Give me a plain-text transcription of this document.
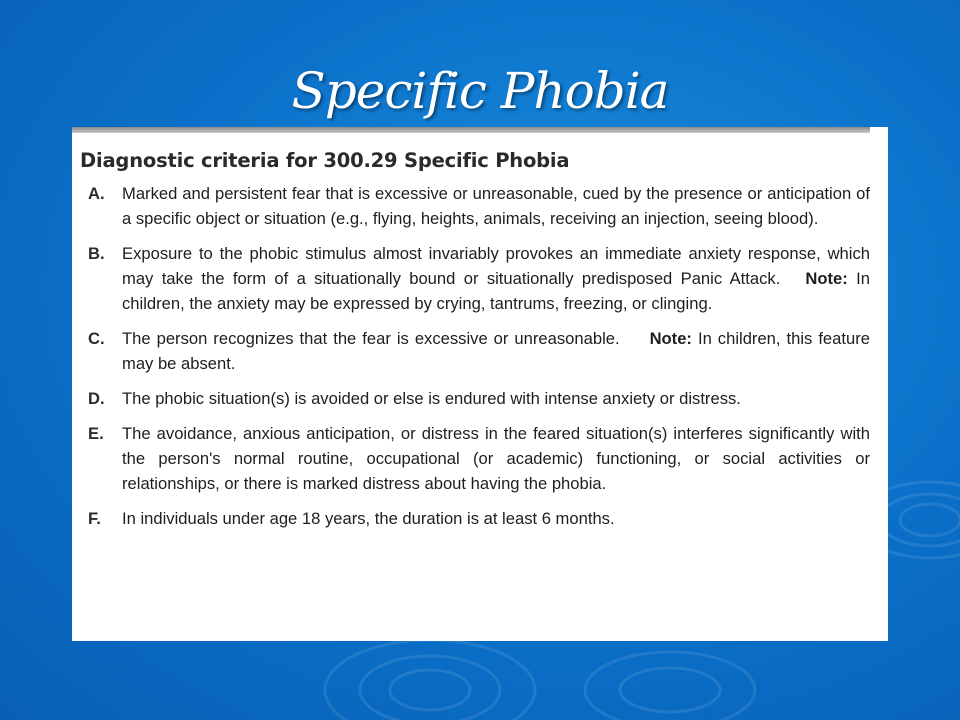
Specific Phobia
Diagnostic criteria for 300.29 Specific Phobia
A.	Marked and persistent fear that is excessive or unreasonable, cued by the presence or anticipation of a specific object or situation (e.g., flying, heights, animals, receiving an injection, seeing blood).
B.	Exposure to the phobic stimulus almost invariably provokes an immediate anxiety response, which may take the form of a situationally bound or situationally predisposed Panic Attack. Note: In children, the anxiety may be expressed by crying, tantrums, freezing, or clinging.
C.	The person recognizes that the fear is excessive or unreasonable. Note: In children, this feature may be absent.
D.	The phobic situation(s) is avoided or else is endured with intense anxiety or distress.
E.	The avoidance, anxious anticipation, or distress in the feared situation(s) interferes significantly with the person's normal routine, occupational (or academic) functioning, or social activities or relationships, or there is marked distress about having the phobia.
F.	In individuals under age 18 years, the duration is at least 6 months.
